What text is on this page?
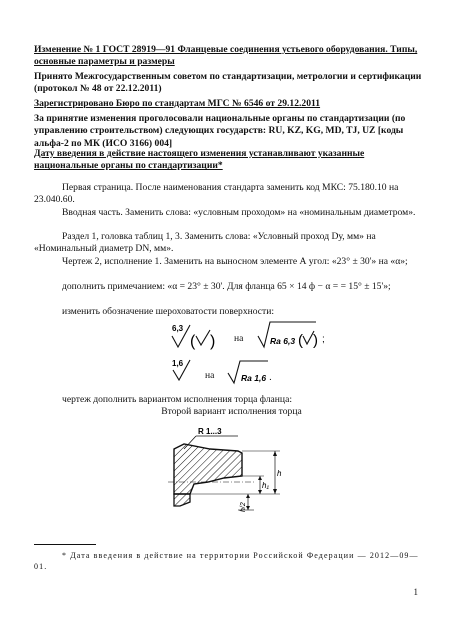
Изменение № 1 ГОСТ 28919—91 Фланцевые соединения устьевого оборудования. Типы, основные параметры и размеры
Принято Межгосударственным советом по стандартизации, метрологии и сертификации (протокол № 48 от 22.12.2011)
Зарегистрировано Бюро по стандартам МГС № 6546 от 29.12.2011
За принятие изменения проголосовали национальные органы по стандартизации (по управлению строительством) следующих государств: RU, KZ, KG, MD, TJ, UZ [коды альфа-2 по МК (ИСО 3166) 004]
Дату введения в действие настоящего изменения устанавливают указанные национальные органы по стандартизации*
Первая страница. После наименования стандарта заменить код МКС: 75.180.10 на 23.040.60.
Вводная часть. Заменить слова: «условным проходом» на «номинальным диаметром».
Раздел 1, головка таблиц 1, 3. Заменить слова: «Условный проход Dу, мм» на «Номинальный диаметр DN, мм».
Чертеж 2, исполнение 1. Заменить на выносном элементе А угол: «23° ± 30'» на «α»;
дополнить примечанием: «α = 23° ± 30'. Для фланца 65 × 14 ф − α = = 15° ± 15'»;
изменить обозначение шероховатости поверхности:
6,3
( ) на	Ra 6,3 ( ) ;
1,6
на	Ra 1,6 .
чертеж дополнить вариантом исполнения торца фланца:
Второй вариант исполнения торца
R 1...3
h
h₁
h/2
* Дата введения в действие на территории Российской Федерации — 2012—09—01.
1
